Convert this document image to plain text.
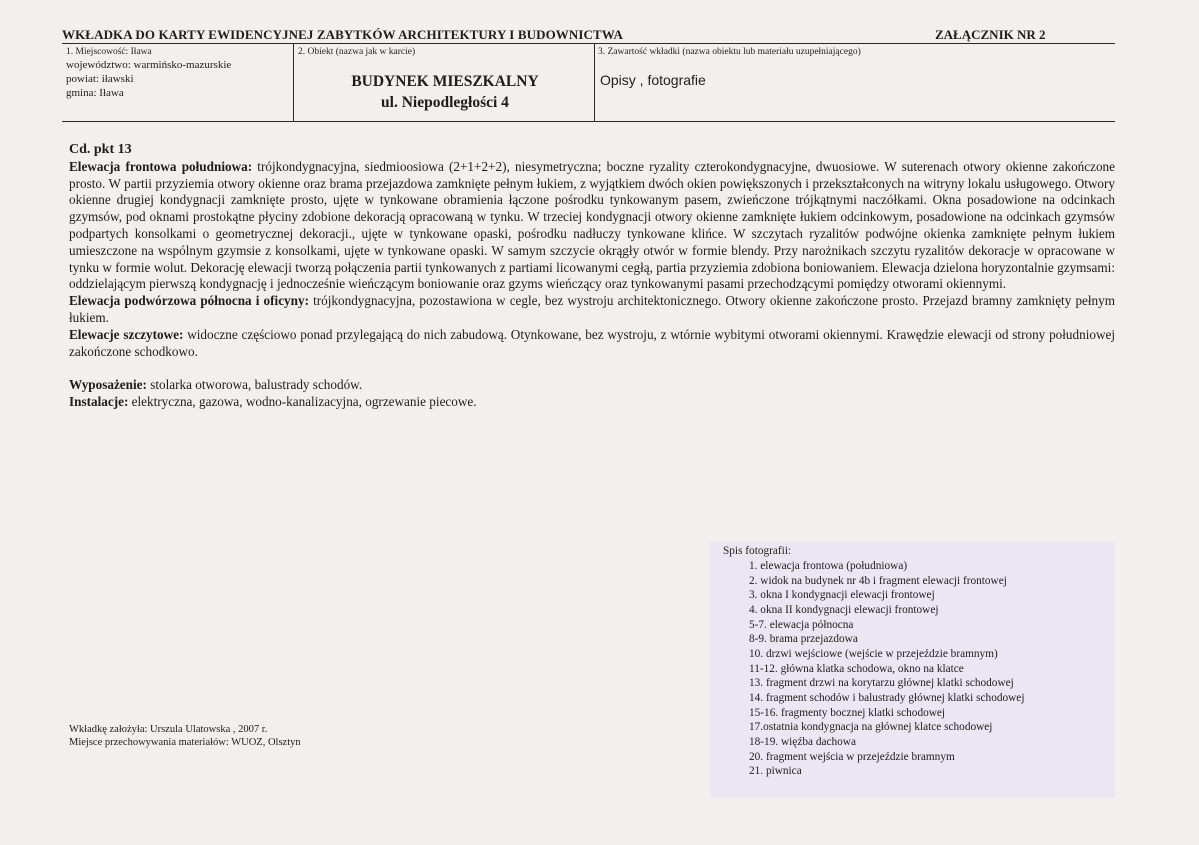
WKŁADKA DO KARTY EWIDENCYJNEJ ZABYTKÓW ARCHITEKTURY I BUDOWNICTWA	ZAŁĄCZNIK NR 2
1. Miejscowość: Iława
województwo: warmińsko-mazurskie
powiat: iławski
gmina: Iława
2. Obiekt (nazwa jak w karcie)
BUDYNEK MIESZKALNY
ul. Niepodległości 4
3. Zawartość wkładki (nazwa obiektu lub materiału uzupełniającego)
Opisy , fotografie
Cd. pkt 13

Elewacja frontowa południowa: trójkondygnacyjna, siedmioosiowa (2+1+2+2), niesymetryczna; boczne ryzality czterokondygnacyjne, dwuosiowe. W suterenach otwory okienne zakończone prosto. W partii przyziemia otwory okienne oraz brama przejazdowa zamknięte pełnym łukiem, z wyjątkiem dwóch okien powiększonych i przekształconych na witryny lokalu usługowego. Otwory okienne drugiej kondygnacji zamknięte prosto, ujęte w tynkowane obramienia łączone pośrodku tynkowanym pasem, zwieńczone trójkątnymi naczółkami. Okna posadowione na odcinkach gzymsów, pod oknami prostokątne płyciny zdobione dekoracją opracowaną w tynku. W trzeciej kondygnacji otwory okienne zamknięte łukiem odcinkowym, posadowione na odcinkach gzymsów podpartych konsolkami o geometrycznej dekoracji., ujęte w tynkowane opaski, pośrodku nadłuczy tynkowane klińce. W szczytach ryzalitów podwójne okienka zamknięte pełnym łukiem umieszczone na wspólnym gzymsie z konsolkami, ujęte w tynkowane opaski. W samym szczycie okrągły otwór w formie blendy. Przy narożnikach szczytu ryzalitów dekoracje w opracowane w tynku w formie wolut. Dekorację elewacji tworzą połączenia partii tynkowanych z partiami licowanymi cegłą, partia przyziemia zdobiona boniowaniem. Elewacja dzielona horyzontalnie gzymsami: oddzielającym pierwszą kondygnację i jednocześnie wieńczącym boniowanie oraz gzyms wieńczący oraz tynkowanymi pasami przechodzącymi pomiędzy otworami okiennymi.

Elewacja podwórzowa północna i oficyny: trójkondygnacyjna, pozostawiona w cegle, bez wystroju architektonicznego. Otwory okienne zakończone prosto. Przejazd bramny zamknięty pełnym łukiem.

Elewacje szczytowe: widoczne częściowo ponad przylegającą do nich zabudową. Otynkowane, bez wystroju, z wtórnie wybitymi otworami okiennymi. Krawędzie elewacji od strony południowej zakończone schodkowo.

Wyposażenie: stolarka otworowa, balustrady schodów.

Instalacje: elektryczna, gazowa, wodno-kanalizacyjna, ogrzewanie piecowe.

Spis fotografii:
1. elewacja frontowa (południowa)
2. widok na budynek nr 4b i fragment elewacji frontowej
3. okna I kondygnacji elewacji frontowej
4. okna II kondygnacji elewacji frontowej
5-7. elewacja północna
8-9. brama przejazdowa
10. drzwi wejściowe (wejście w przejeździe bramnym)
11-12. główna klatka schodowa, okno na klatce
13. fragment drzwi na korytarzu głównej klatki schodowej
14. fragment schodów i balustrady głównej klatki schodowej
15-16. fragmenty bocznej klatki schodowej
17.ostatnia kondygnacja na głównej klatce schodowej
18-19. więźba dachowa
20. fragment wejścia w przejeździe bramnym
21. piwnica
Wkładkę założyła: Urszula Ulatowska , 2007 r.
Miejsce przechowywania materiałów: WUOZ, Olsztyn
